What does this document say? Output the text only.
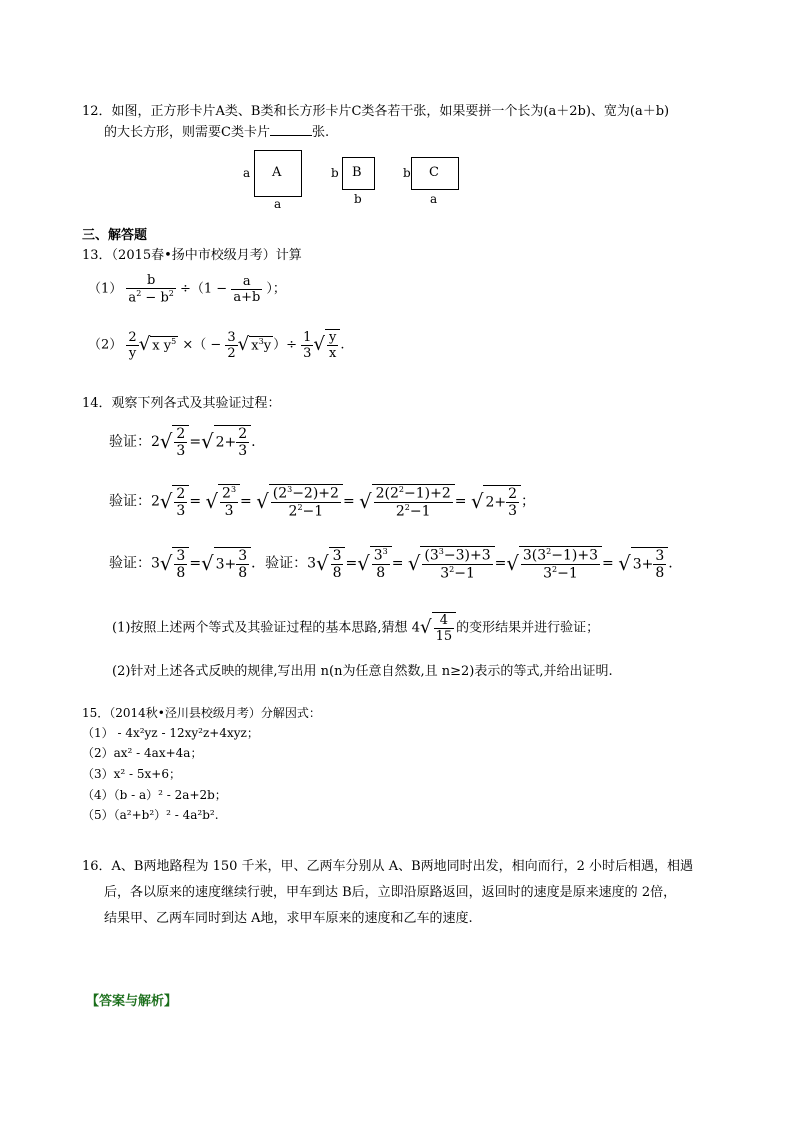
12．如图，正方形卡片A类、B类和长方形卡片C类各若干张，如果要拼一个长为(a＋2b)、宽为(a＋b)
的大长方形，则需要C类卡片	张.
a A
a
b B
b
b C
a
三、解答题
13．（2015春•扬中市校级月考）计算
$(1) \frac{b}{a^2 - b^2} \div(1 - \frac{a}{a+b}$ ）；
$(2) \frac{2}{y}$ √ x $y^5$ ×（ − $\frac{3}{2}$ √ $x^3y$ ）÷ $\frac{1}{3}$ √ $\frac{y}{x}$ .
14．观察下列各式及其验证过程：
验证：$2√ \frac{2}{3}$ =√ $2+ \frac{2}{3}$ .
验证：$2√ \frac{2}{3}$ = √ $\frac{2^3}{3}$ = √ $\frac{(2^3-2)+2}{2^2-1}$ = √ $\frac{2(2^2-1)+2}{2^2-1}$ = √ $2+ \frac{2}{3}$ ；
验证：$3√ \frac{3}{8}$ =√ $3+ \frac{3}{8}$ ．验证：$3√ \frac{3}{8}$ =√ $\frac{3^3}{8}$ = √ $\frac{(3^3-3)+3}{3^2-1}$ =√ $\frac{3(3^2-1)+3}{3^2-1}$ = √ $3+ \frac{3}{8}$ .
(1)按照上述两个等式及其验证过程的基本思路,猜想 $4√ \frac{4}{15}$ 的变形结果并进行验证；
(2)针对上述各式反映的规律,写出用 n(n为任意自然数,且 n≥2)表示的等式,并给出证明.
15．（2014秋•泾川县校级月考）分解因式：
（1） - 4x²yz - 12xy²z+4xyz；
（2）ax² - 4ax+4a；
（3）x² - 5x+6；
（4）（b - a）² - 2a+2b；
（5）（a²+b²）² - 4a²b².
16．A、B两地路程为 150 千米，甲、乙两车分别从 A、B两地同时出发，相向而行，2 小时后相遇，相遇
后，各以原来的速度继续行驶，甲车到达 B后，立即沿原路返回，返回时的速度是原来速度的 2倍，
结果甲、乙两车同时到达 A地，求甲车原来的速度和乙车的速度.
【答案与解析】
